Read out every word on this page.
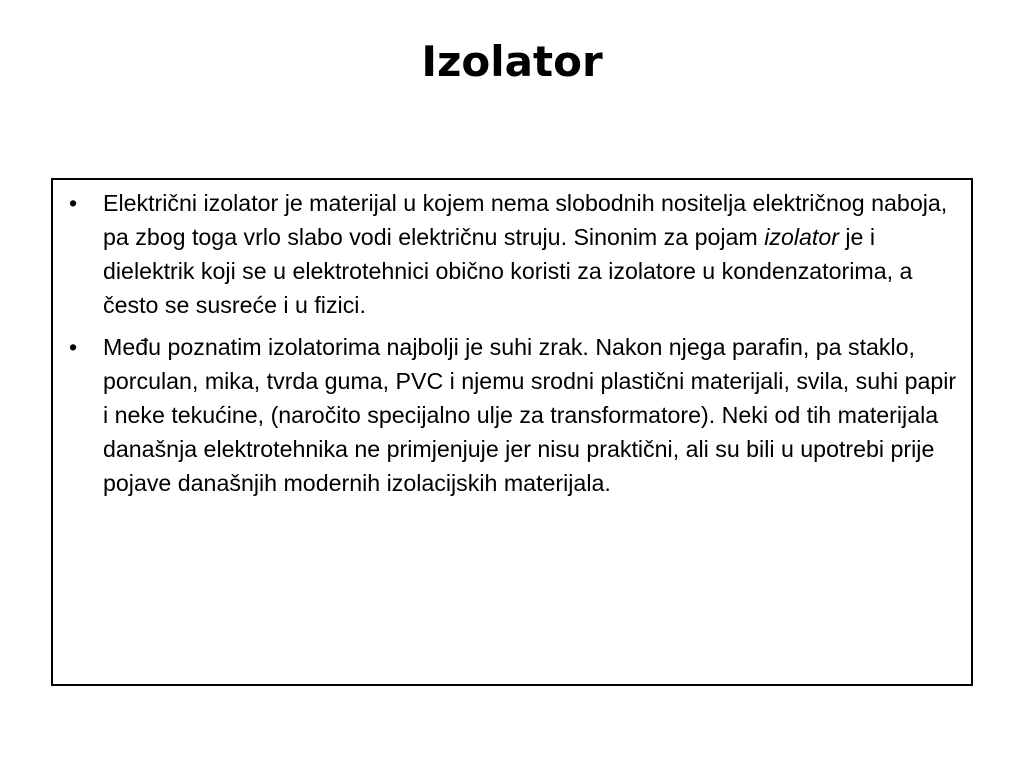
Izolator
• Električni izolator je materijal u kojem nema slobodnih nositelja električnog naboja, pa zbog toga vrlo slabo vodi električnu struju. Sinonim za pojam izolator je i dielektrik koji se u elektrotehnici obično koristi za izolatore u kondenzatorima, a često se susreće i u fizici.
• Među poznatim izolatorima najbolji je suhi zrak. Nakon njega parafin, pa staklo, porculan, mika, tvrda guma, PVC i njemu srodni plastični materijali, svila, suhi papir i neke tekućine, (naročito specijalno ulje za transformatore). Neki od tih materijala današnja elektrotehnika ne primjenjuje jer nisu praktični, ali su bili u upotrebi prije pojave današnjih modernih izolacijskih materijala.
